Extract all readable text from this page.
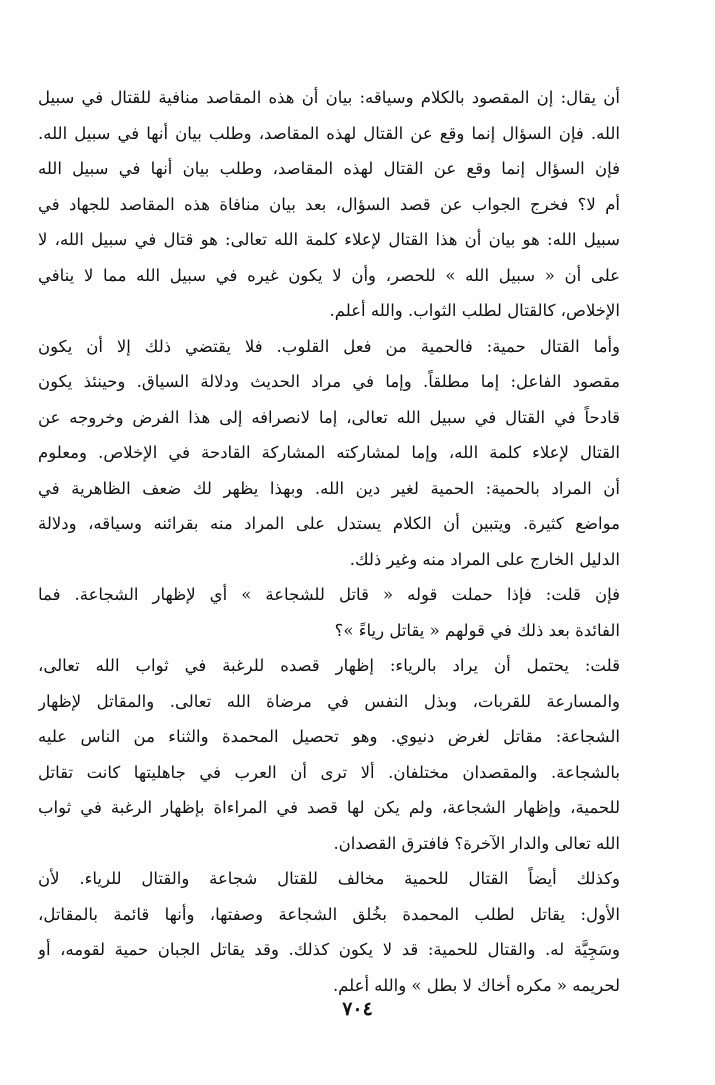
أن يقال: إن المقصود بالكلام وسياقه: بيان أن هذه المقاصد منافية للقتال في سبيل
الله. فإن السؤال إنما وقع عن القتال لهذه المقاصد، وطلب بيان أنها في سبيل الله.
فإن السؤال إنما وقع عن القتال لهذه المقاصد، وطلب بيان أنها في سبيل الله
أم لا؟ فخرج الجواب عن قصد السؤال، بعد بيان منافاة هذه المقاصد للجهاد في
سبيل الله: هو بيان أن هذا القتال لإعلاء كلمة الله تعالى: هو قتال في سبيل الله، لا
على أن « سبيل الله » للحصر، وأن لا يكون غيره في سبيل الله مما لا ينافي
الإخلاص، كالقتال لطلب الثواب. والله أعلم.
وأما القتال حمية: فالحمية من فعل القلوب. فلا يقتضي ذلك إلا أن يكون
مقصود الفاعل: إما مطلقاً. وإما في مراد الحديث ودلالة السياق. وحينئذ يكون
قادحاً في القتال في سبيل الله تعالى، إما لانصرافه إلى هذا الفرض وخروجه عن
القتال لإعلاء كلمة الله، وإما لمشاركته المشاركة القادحة في الإخلاص. ومعلوم
أن المراد بالحمية: الحمية لغير دين الله. وبهذا يظهر لك ضعف الظاهرية في
مواضع كثيرة. ويتبين أن الكلام يستدل على المراد منه بقرائنه وسياقه، ودلالة
الدليل الخارج على المراد منه وغير ذلك.
فإن قلت: فإذا حملت قوله « قاتل للشجاعة » أي لإظهار الشجاعة. فما
الفائدة بعد ذلك في قولهم « يقاتل رياءً »؟
قلت: يحتمل أن يراد بالرياء: إظهار قصده للرغبة في ثواب الله تعالى،
والمسارعة للقربات، وبذل النفس في مرضاة الله تعالى. والمقاتل لإظهار
الشجاعة: مقاتل لغرض دنيوي. وهو تحصيل المحمدة والثناء من الناس عليه
بالشجاعة. والمقصدان مختلفان. ألا ترى أن العرب في جاهليتها كانت تقاتل
للحمية، وإظهار الشجاعة، ولم يكن لها قصد في المراءاة بإظهار الرغبة في ثواب
الله تعالى والدار الآخرة؟ فافترق القصدان.
وكذلك أيضاً القتال للحمية مخالف للقتال شجاعة والقتال للرياء. لأن
الأول: يقاتل لطلب المحمدة بخُلق الشجاعة وصفتها، وأنها قائمة بالمقاتل،
وسَجِيَّة له. والقتال للحمية: قد لا يكون كذلك. وقد يقاتل الجبان حمية لقومه، أو
لحريمه « مكره أخاك لا بطل » والله أعلم.
٧٠٤
